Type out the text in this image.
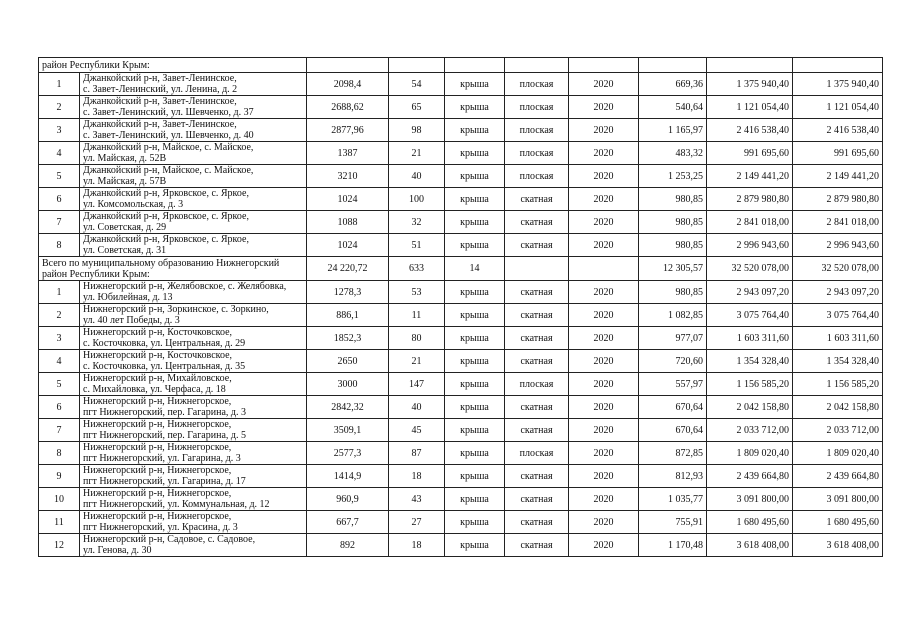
район Республики Крым:									
1	Джанкойский р-н, Завет-Ленинское,
с. Завет-Ленинский, ул. Ленина, д. 2	2098,4	54	крыша	плоская	2020	669,36	1 375 940,40	1 375 940,40
2	Джанкойский р-н, Завет-Ленинское,
с. Завет-Ленинский, ул. Шевченко, д. 37	2688,62	65	крыша	плоская	2020	540,64	1 121 054,40	1 121 054,40
3	Джанкойский р-н, Завет-Ленинское,
с. Завет-Ленинский, ул. Шевченко, д. 40	2877,96	98	крыша	плоская	2020	1 165,97	2 416 538,40	2 416 538,40
4	Джанкойский р-н, Майское, с. Майское,
ул. Майская, д. 52В	1387	21	крыша	плоская	2020	483,32	991 695,60	991 695,60
5	Джанкойский р-н, Майское, с. Майское,
ул. Майская, д. 57В	3210	40	крыша	плоская	2020	1 253,25	2 149 441,20	2 149 441,20
6	Джанкойский р-н, Ярковское, с. Яркое,
ул. Комсомольская, д. 3	1024	100	крыша	скатная	2020	980,85	2 879 980,80	2 879 980,80
7	Джанкойский р-н, Ярковское, с. Яркое,
ул. Советская, д. 29	1088	32	крыша	скатная	2020	980,85	2 841 018,00	2 841 018,00
8	Джанкойский р-н, Ярковское, с. Яркое,
ул. Советская, д. 31	1024	51	крыша	скатная	2020	980,85	2 996 943,60	2 996 943,60

Всего по муниципальному образованию Нижнегорский
район Республики Крым:		24 220,72	633	14			12 305,57	32 520 078,00	32 520 078,00
1	Нижнегорский р-н, Желябовское, с. Желябовка,
ул. Юбилейная, д. 13	1278,3	53	крыша	скатная	2020	980,85	2 943 097,20	2 943 097,20
2	Нижнегорский р-н, Зоркинское, с. Зоркино,
ул. 40 лет Победы, д. 3	886,1	11	крыша	скатная	2020	1 082,85	3 075 764,40	3 075 764,40
3	Нижнегорский р-н, Косточковское,
с. Косточковка, ул. Центральная, д. 29	1852,3	80	крыша	скатная	2020	977,07	1 603 311,60	1 603 311,60
4	Нижнегорский р-н, Косточковское,
с. Косточковка, ул. Центральная, д. 35	2650	21	крыша	скатная	2020	720,60	1 354 328,40	1 354 328,40
5	Нижнегорский р-н, Михайловское,
с. Михайловка, ул. Черфаса, д. 18	3000	147	крыша	плоская	2020	557,97	1 156 585,20	1 156 585,20
6	Нижнегорский р-н, Нижнегорское,
пгт Нижнегорский, пер. Гагарина, д. 3	2842,32	40	крыша	скатная	2020	670,64	2 042 158,80	2 042 158,80
7	Нижнегорский р-н, Нижнегорское,
пгт Нижнегорский, пер. Гагарина, д. 5	3509,1	45	крыша	скатная	2020	670,64	2 033 712,00	2 033 712,00
8	Нижнегорский р-н, Нижнегорское,
пгт Нижнегорский, ул. Гагарина, д. 3	2577,3	87	крыша	плоская	2020	872,85	1 809 020,40	1 809 020,40
9	Нижнегорский р-н, Нижнегорское,
пгт Нижнегорский, ул. Гагарина, д. 17	1414,9	18	крыша	скатная	2020	812,93	2 439 664,80	2 439 664,80
10	Нижнегорский р-н, Нижнегорское,
пгт Нижнегорский, ул. Коммунальная, д. 12	960,9	43	крыша	скатная	2020	1 035,77	3 091 800,00	3 091 800,00
11	Нижнегорский р-н, Нижнегорское,
пгт Нижнегорский, ул. Красина, д. 3	667,7	27	крыша	скатная	2020	755,91	1 680 495,60	1 680 495,60
12	Нижнегорский р-н, Садовое, с. Садовое,
ул. Генова, д. 30	892	18	крыша	скатная	2020	1 170,48	3 618 408,00	3 618 408,00
